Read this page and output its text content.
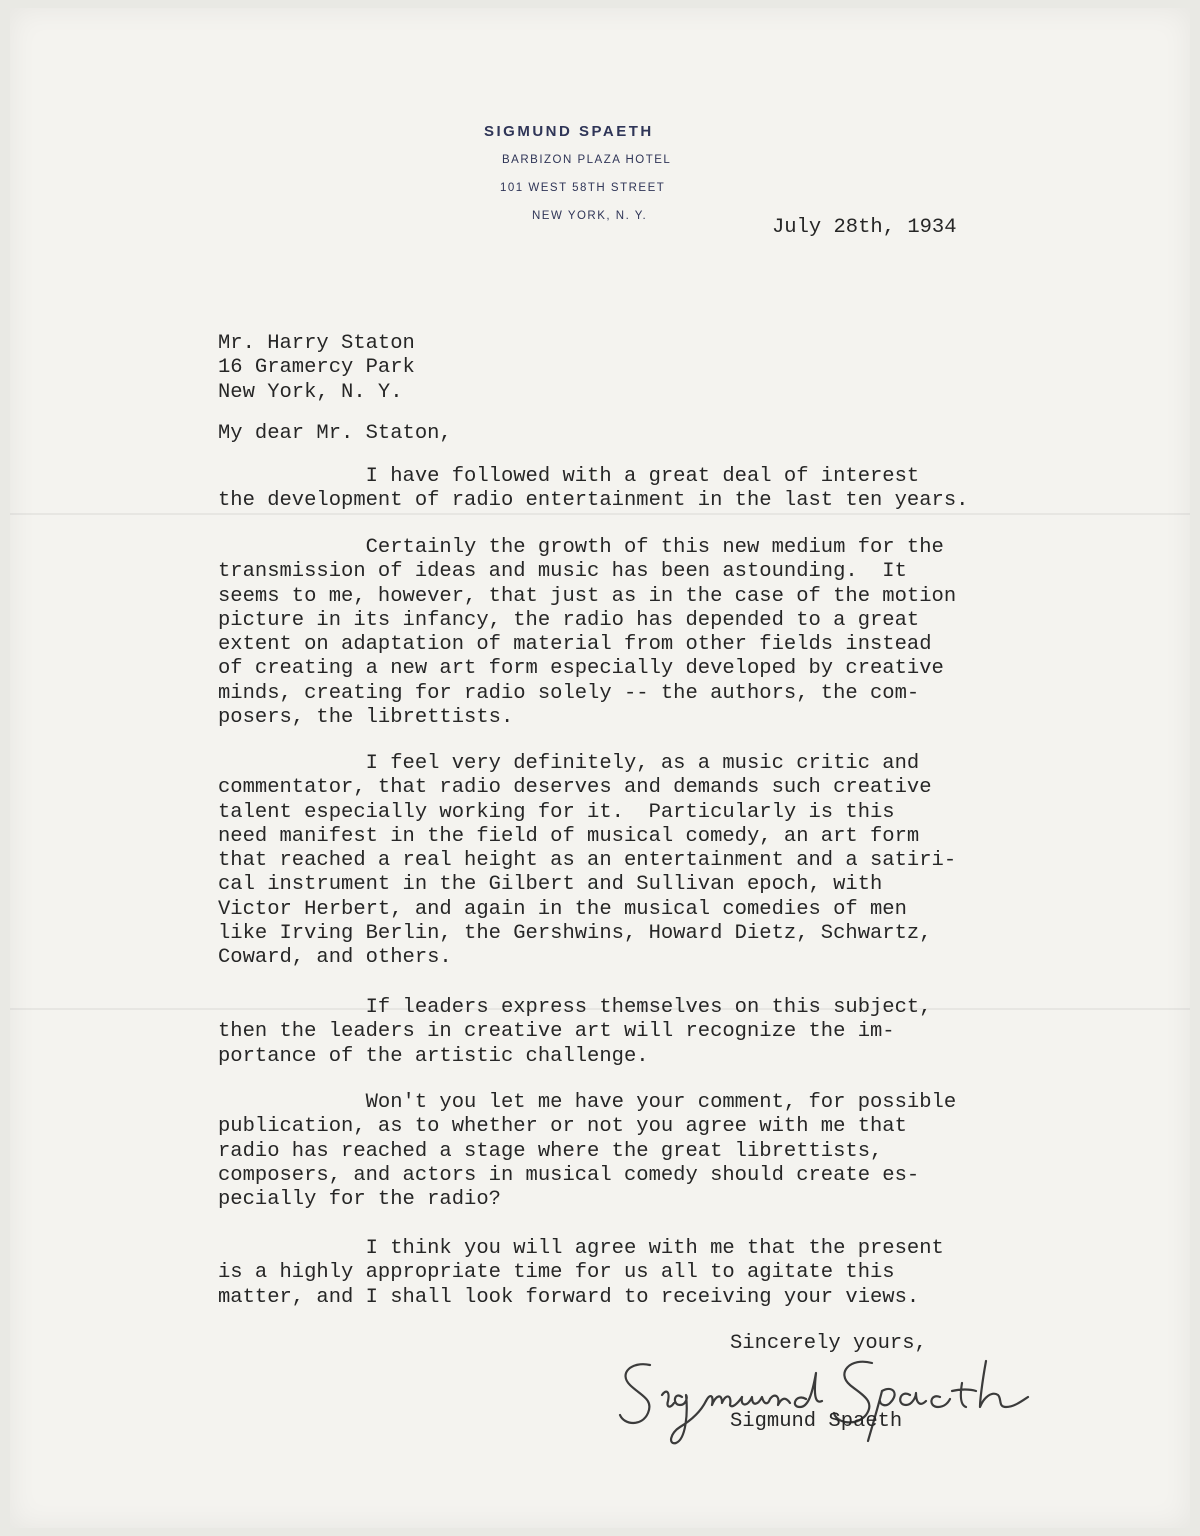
SIGMUND SPAETH
BARBIZON PLAZA HOTEL
101 WEST 58TH STREET
NEW YORK, N. Y.	July 28th, 1934
Mr. Harry Staton
16 Gramercy Park
New York, N. Y.
My dear Mr. Staton,
I have followed with a great deal of interest
the development of radio entertainment in the last ten years.
Certainly the growth of this new medium for the
transmission of ideas and music has been astounding.  It
seems to me, however, that just as in the case of the motion
picture in its infancy, the radio has depended to a great
extent on adaptation of material from other fields instead
of creating a new art form especially developed by creative
minds, creating for radio solely -- the authors, the com-
posers, the librettists.
I feel very definitely, as a music critic and
commentator, that radio deserves and demands such creative
talent especially working for it.  Particularly is this
need manifest in the field of musical comedy, an art form
that reached a real height as an entertainment and a satiri-
cal instrument in the Gilbert and Sullivan epoch, with
Victor Herbert, and again in the musical comedies of men
like Irving Berlin, the Gershwins, Howard Dietz, Schwartz,
Coward, and others.
If leaders express themselves on this subject,
then the leaders in creative art will recognize the im-
portance of the artistic challenge.
Won't you let me have your comment, for possible
publication, as to whether or not you agree with me that
radio has reached a stage where the great librettists,
composers, and actors in musical comedy should create es-
pecially for the radio?
I think you will agree with me that the present
is a highly appropriate time for us all to agitate this
matter, and I shall look forward to receiving your views.
Sincerely yours,
Sigmund Spaeth
